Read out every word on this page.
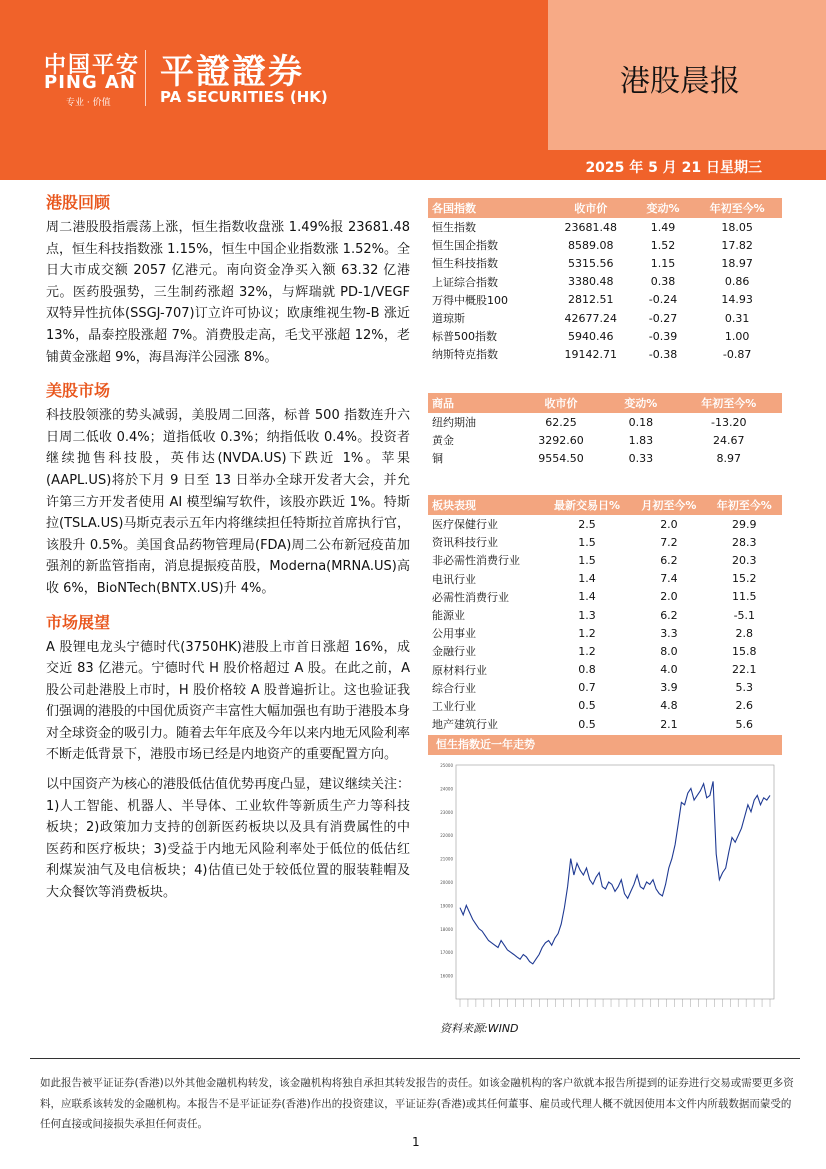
中国平安
PING AN
专业 · 价值
平證證券
PA SECURITIES (HK)	港股晨报
2025 年 5 月 21 日星期三
港股回顾
周二港股股指震荡上涨，恒生指数收盘涨 1.49%报 23681.48 点，恒生科技指数涨 1.15%，恒生中国企业指数涨 1.52%。全日大市成交额 2057 亿港元。南向资金净买入额 63.32 亿港元。医药股强势，三生制药涨超 32%，与辉瑞就 PD-1/VEGF 双特异性抗体(SSGJ-707)订立许可协议；欧康维视生物-B 涨近 13%，晶泰控股涨超 7%。消费股走高，毛戈平涨超 12%，老铺黄金涨超 9%，海昌海洋公园涨 8%。
美股市场
科技股领涨的势头减弱，美股周二回落，标普 500 指数连升六日周二低收 0.4%；道指低收 0.3%；纳指低收 0.4%。投资者继续抛售科技股，英伟达(NVDA.US)下跌近 1%。苹果(AAPL.US)将於下月 9 日至 13 日举办全球开发者大会，并允许第三方开发者使用 AI 模型编写软件，该股亦跌近 1%。特斯拉(TSLA.US)马斯克表示五年内将继续担任特斯拉首席执行官，该股升 0.5%。美国食品药物管理局(FDA)周二公布新冠疫苗加强剂的新监管指南，消息提振疫苗股，Moderna(MRNA.US)高收 6%，BioNTech(BNTX.US)升 4%。
市场展望
A 股锂电龙头宁德时代(3750HK)港股上市首日涨超 16%，成交近 83 亿港元。宁德时代 H 股价格超过 A 股。在此之前，A 股公司赴港股上市时，H 股价格较 A 股普遍折让。这也验证我们强调的港股的中国优质资产丰富性大幅加强也有助于港股本身对全球资金的吸引力。随着去年年底及今年以来内地无风险利率不断走低背景下，港股市场已经是内地资产的重要配置方向。
以中国资产为核心的港股低估值优势再度凸显，建议继续关注：1)人工智能、机器人、半导体、工业软件等新质生产力等科技板块；2)政策加力支持的创新医药板块以及具有消费属性的中医药和医疗板块；3)受益于内地无风险利率处于低位的低估红利煤炭油气及电信板块；4)估值已处于较低位置的服装鞋帽及大众餐饮等消费板块。
各国指数	收市价	变动%	年初至今%
恒生指数	23681.48	1.49	18.05
恒生国企指数	8589.08	1.52	17.82
恒生科技指数	5315.56	1.15	18.97
上证综合指数	3380.48	0.38	0.86
万得中概股100	2812.51	-0.24	14.93
道琼斯	42677.24	-0.27	0.31
标普500指数	5940.46	-0.39	1.00
纳斯特克指数	19142.71	-0.38	-0.87
商品	收市价	变动%	年初至今%
纽约期油	62.25	0.18	-13.20
黄金	3292.60	1.83	24.67
铜	9554.50	0.33	8.97
板块表现	最新交易日%	月初至今%	年初至今%
医疗保健行业	2.5	2.0	29.9
资讯科技行业	1.5	7.2	28.3
非必需性消费行业	1.5	6.2	20.3
电讯行业	1.4	7.4	15.2
必需性消费行业	1.4	2.0	11.5
能源业	1.3	6.2	-5.1
公用事业	1.2	3.3	2.8
金融行业	1.2	8.0	15.8
原材料行业	0.8	4.0	22.1
综合行业	0.7	3.9	5.3
工业行业	0.5	4.8	2.6
地产建筑行业	0.5	2.1	5.6
恒生指数近一年走势
16000
17000
18000
19000
20000
21000
22000
23000
24000
25000
资料来源:WIND
如此报告被平证证券(香港)以外其他金融机构转发，该金融机构将独自承担其转发报告的责任。如该金融机构的客户欲就本报告所提到的证券进行交易或需要更多资料，应联系该转发的金融机构。本报告不是平证证券(香港)作出的投资建议，平证证券(香港)或其任何董事、雇员或代理人概不就因使用本文件内所载数据而蒙受的任何直接或间接损失承担任何责任。
1
